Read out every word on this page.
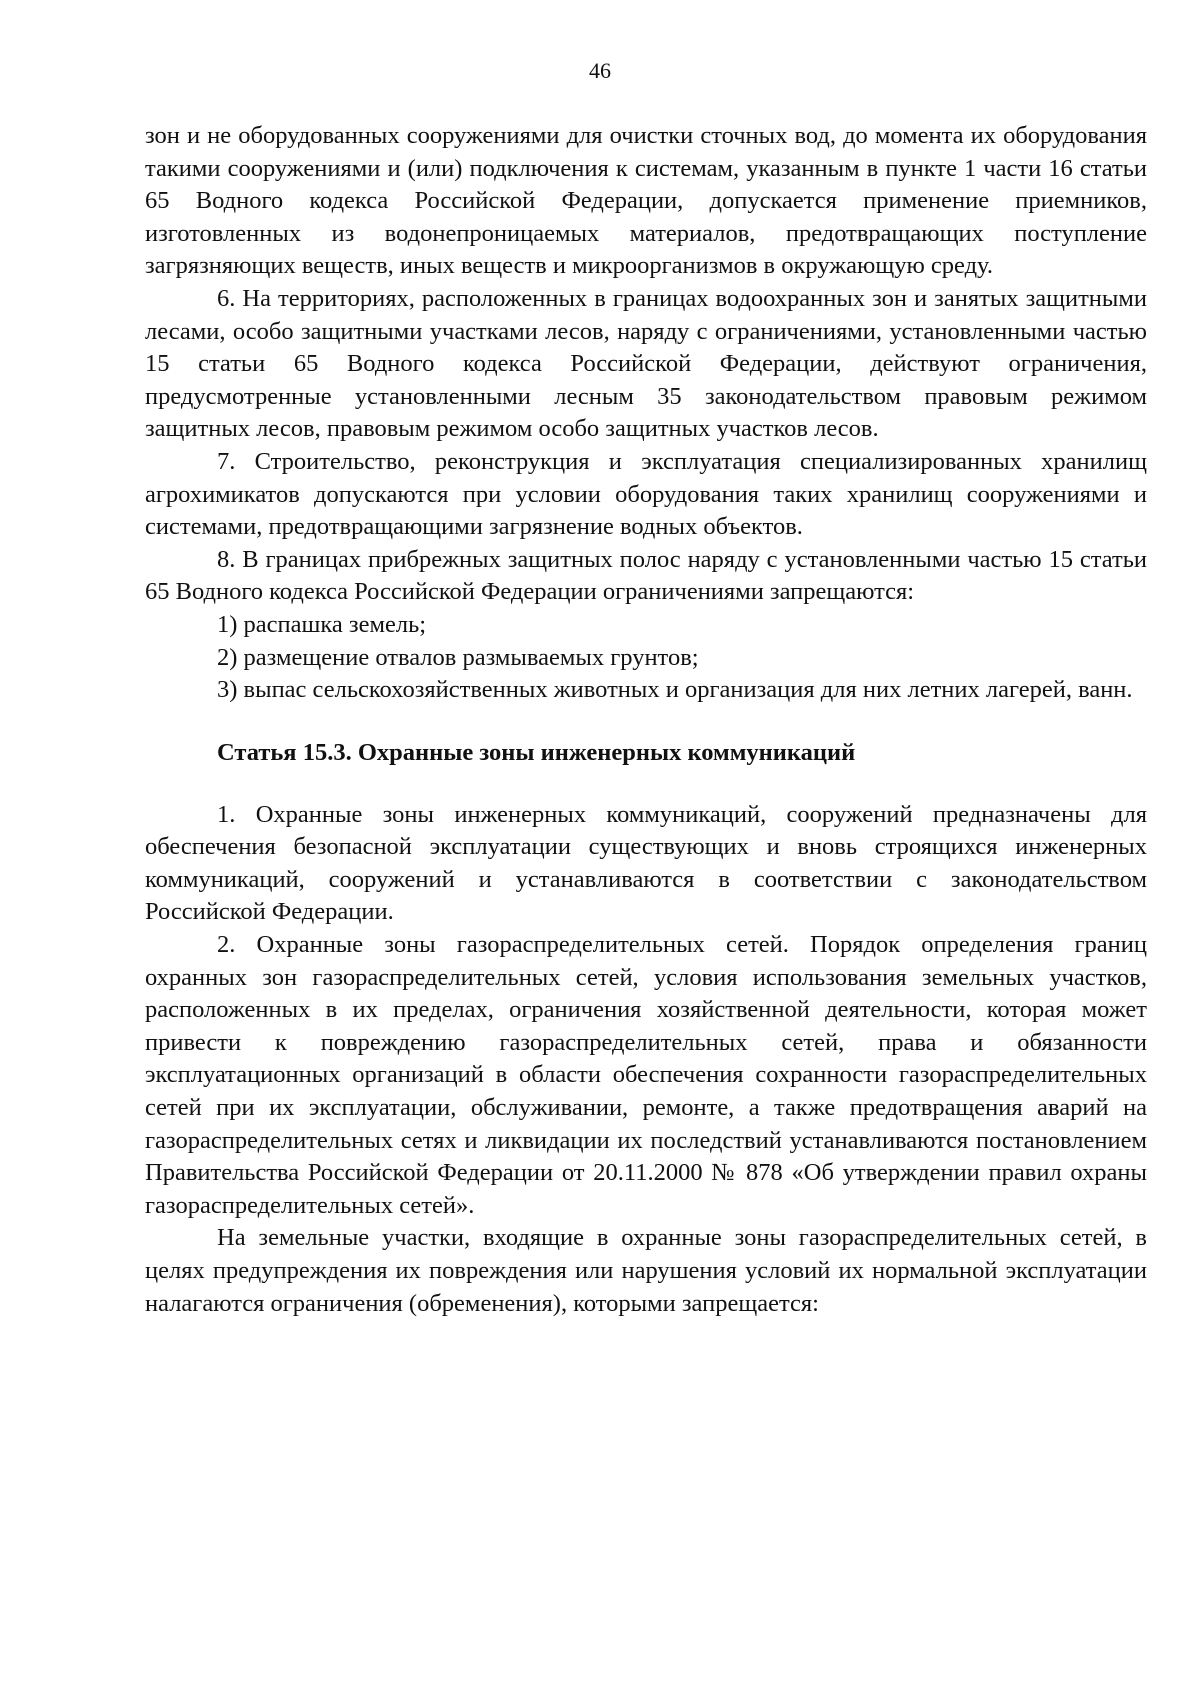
46

зон и не оборудованных сооружениями для очистки сточных вод, до момента их оборудования такими сооружениями и (или) подключения к системам, указанным в пункте 1 части 16 статьи 65 Водного кодекса Российской Федерации, допускается применение приемников, изготовленных из водонепроницаемых материалов, предотвращающих поступление загрязняющих веществ, иных веществ и микроорганизмов в окружающую среду.

6. На территориях, расположенных в границах водоохранных зон и занятых защитными лесами, особо защитными участками лесов, наряду с ограничениями, установленными частью 15 статьи 65 Водного кодекса Российской Федерации, действуют ограничения, предусмотренные установленными лесным 35 законодательством правовым режимом защитных лесов, правовым режимом особо защитных участков лесов.

7. Строительство, реконструкция и эксплуатация специализированных хранилищ агрохимикатов допускаются при условии оборудования таких хранилищ сооружениями и системами, предотвращающими загрязнение водных объектов.

8. В границах прибрежных защитных полос наряду с установленными частью 15 статьи 65 Водного кодекса Российской Федерации ограничениями запрещаются:

1) распашка земель;

2) размещение отвалов размываемых грунтов;

3) выпас сельскохозяйственных животных и организация для них летних лагерей, ванн.

Статья 15.3. Охранные зоны инженерных коммуникаций

1. Охранные зоны инженерных коммуникаций, сооружений предназначены для обеспечения безопасной эксплуатации существующих и вновь строящихся инженерных коммуникаций, сооружений и устанавливаются в соответствии с законодательством Российской Федерации.

2. Охранные зоны газораспределительных сетей. Порядок определения границ охранных зон газораспределительных сетей, условия использования земельных участков, расположенных в их пределах, ограничения хозяйственной деятельности, которая может привести к повреждению газораспределительных сетей, права и обязанности эксплуатационных организаций в области обеспечения сохранности газораспределительных сетей при их эксплуатации, обслуживании, ремонте, а также предотвращения аварий на газораспределительных сетях и ликвидации их последствий устанавливаются постановлением Правительства Российской Федерации от 20.11.2000 № 878 «Об утверждении правил охраны газораспределительных сетей».

На земельные участки, входящие в охранные зоны газораспределительных сетей, в целях предупреждения их повреждения или нарушения условий их нормальной эксплуатации налагаются ограничения (обременения), которыми запрещается:
